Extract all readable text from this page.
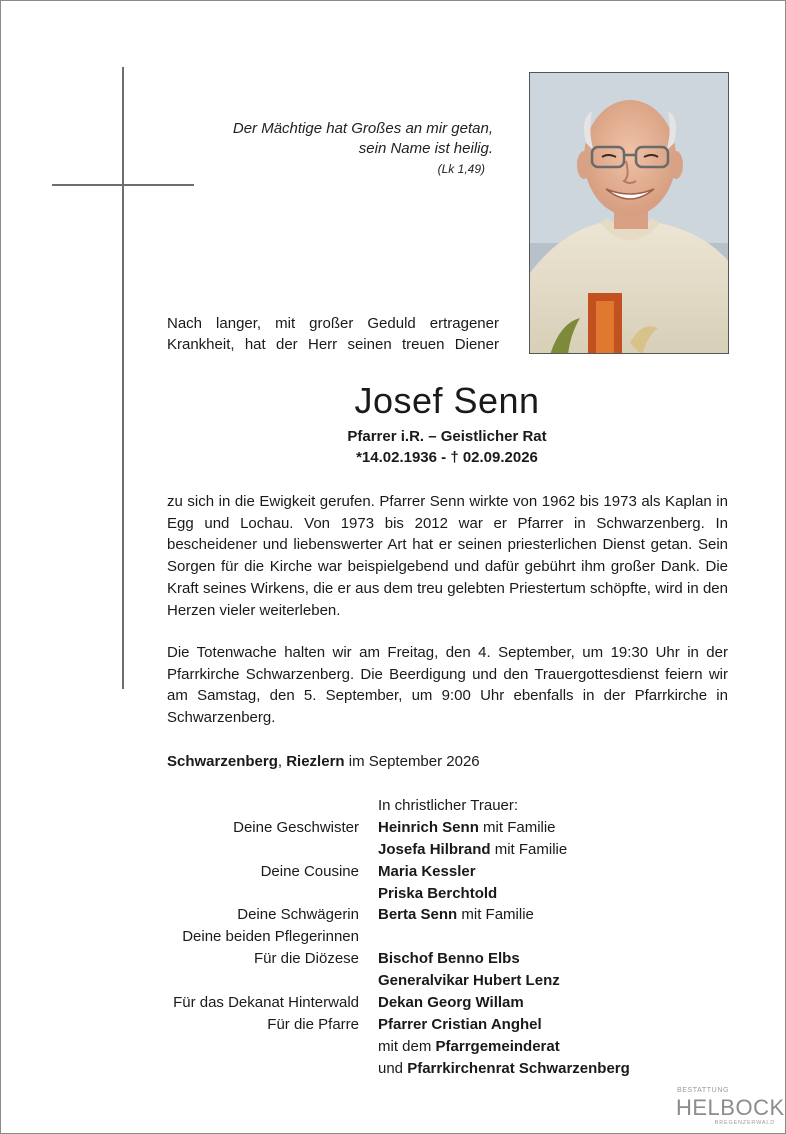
Der Mächtige hat Großes an mir getan,
sein Name ist heilig.
(Lk 1,49)
Nach langer, mit großer Geduld ertragener Krankheit, hat der Herr seinen treuen Diener
Josef Senn
Pfarrer i.R. – Geistlicher Rat
*14.02.1936 - † 02.09.2026
zu sich in die Ewigkeit gerufen. Pfarrer Senn wirkte von 1962 bis 1973 als Kaplan in Egg und Lochau. Von 1973 bis 2012 war er Pfarrer in Schwarzenberg. In bescheidener und liebenswerter Art hat er seinen priesterlichen Dienst getan. Sein Sorgen für die Kirche war beispielgebend und dafür gebührt ihm großer Dank. Die Kraft seines Wirkens, die er aus dem treu gelebten Priestertum schöpfte, wird in den Herzen vieler weiterleben.
Die Totenwache halten wir am Freitag, den 4. September, um 19:30 Uhr in der Pfarrkirche Schwarzenberg. Die Beerdigung und den Trauergottesdienst feiern wir am Samstag, den 5. September, um 9:00 Uhr ebenfalls in der Pfarrkirche in Schwarzenberg.
Schwarzenberg, Riezlern im September 2026
In christlicher Trauer:
Deine Geschwister	Heinrich Senn mit Familie
Josefa Hilbrand mit Familie
Deine Cousine	Maria Kessler
Priska Berchtold
Deine Schwägerin	Berta Senn mit Familie
Deine beiden Pflegerinnen
Für die Diözese	Bischof Benno Elbs
Generalvikar Hubert Lenz
Für das Dekanat Hinterwald	Dekan Georg Willam
Für die Pfarre	Pfarrer Cristian Anghel
mit dem Pfarrgemeinderat
und Pfarrkirchenrat Schwarzenberg
BESTATTUNG
HELBOCK
BREGENZERWALD
